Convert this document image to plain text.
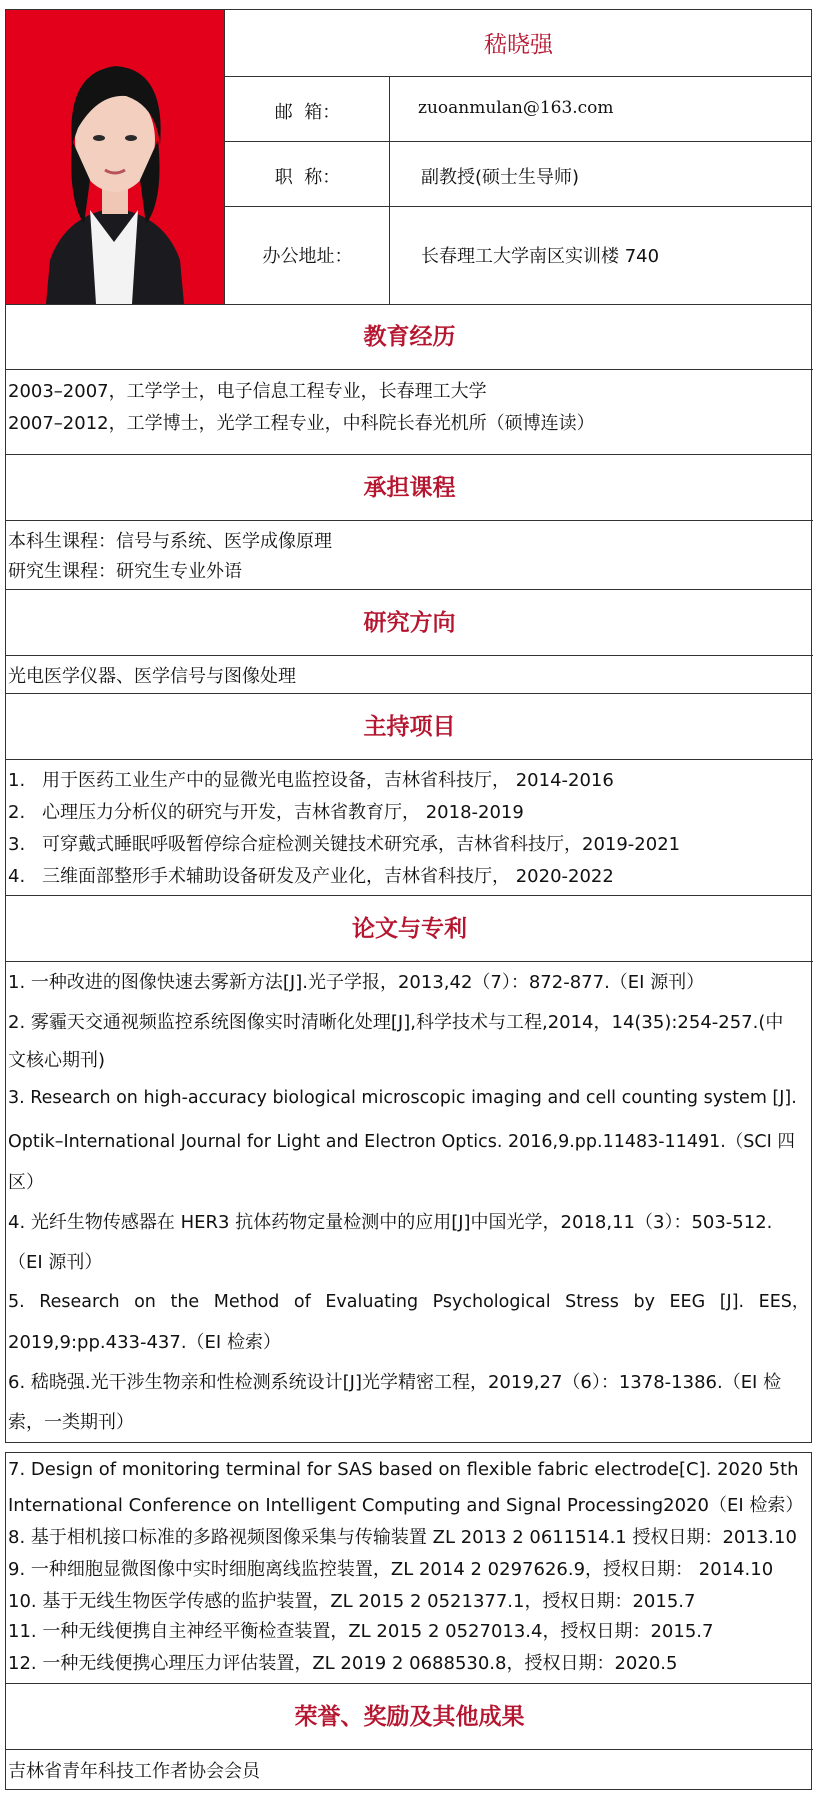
嵇晓强
邮  箱：	zuoanmulan@163.com
职  称：	副教授(硕士生导师)
办公地址：	长春理工大学南区实训楼 740
教育经历
2003–2007，工学学士，电子信息工程专业，长春理工大学
2007–2012，工学博士，光学工程专业，中科院长春光机所（硕博连读）
承担课程
本科生课程：信号与系统、医学成像原理
研究生课程：研究生专业外语
研究方向
光电医学仪器、医学信号与图像处理
主持项目
1. 用于医药工业生产中的显微光电监控设备，吉林省科技厅， 2014-2016
2. 心理压力分析仪的研究与开发，吉林省教育厅， 2018-2019
3. 可穿戴式睡眠呼吸暂停综合症检测关键技术研究承，吉林省科技厅，2019-2021
4. 三维面部整形手术辅助设备研发及产业化，吉林省科技厅， 2020-2022
论文与专利
1. 一种改进的图像快速去雾新方法[J].光子学报，2013,42（7）：872-877.（EI 源刊）
2. 雾霾天交通视频监控系统图像实时清晰化处理[J],科学技术与工程,2014，14(35):254-257.(中
文核心期刊)
3. Research on high-accuracy biological microscopic imaging and cell counting system [J].
Optik–International Journal for Light and Electron Optics. 2016,9.pp.11483-11491.（SCI 四
区）
4. 光纤生物传感器在 HER3 抗体药物定量检测中的应用[J]中国光学，2018,11（3）：503-512.
（EI 源刊）
5. Research on the Method of Evaluating Psychological Stress by EEG [J]. EES，
2019,9:pp.433-437.（EI 检索）
6. 嵇晓强.光干涉生物亲和性检测系统设计[J]光学精密工程，2019,27（6）：1378-1386.（EI 检
索，一类期刊）
7. Design of monitoring terminal for SAS based on flexible fabric electrode[C]. 2020 5th
International Conference on Intelligent Computing and Signal Processing2020（EI 检索）
8. 基于相机接口标准的多路视频图像采集与传输装置 ZL 2013 2 0611514.1 授权日期：2013.10
9. 一种细胞显微图像中实时细胞离线监控装置，ZL 2014 2 0297626.9，授权日期： 2014.10
10. 基于无线生物医学传感的监护装置，ZL 2015 2 0521377.1，授权日期：2015.7
11. 一种无线便携自主神经平衡检查装置，ZL 2015 2 0527013.4，授权日期：2015.7
12. 一种无线便携心理压力评估装置，ZL 2019 2 0688530.8，授权日期：2020.5
荣誉、奖励及其他成果
吉林省青年科技工作者协会会员
